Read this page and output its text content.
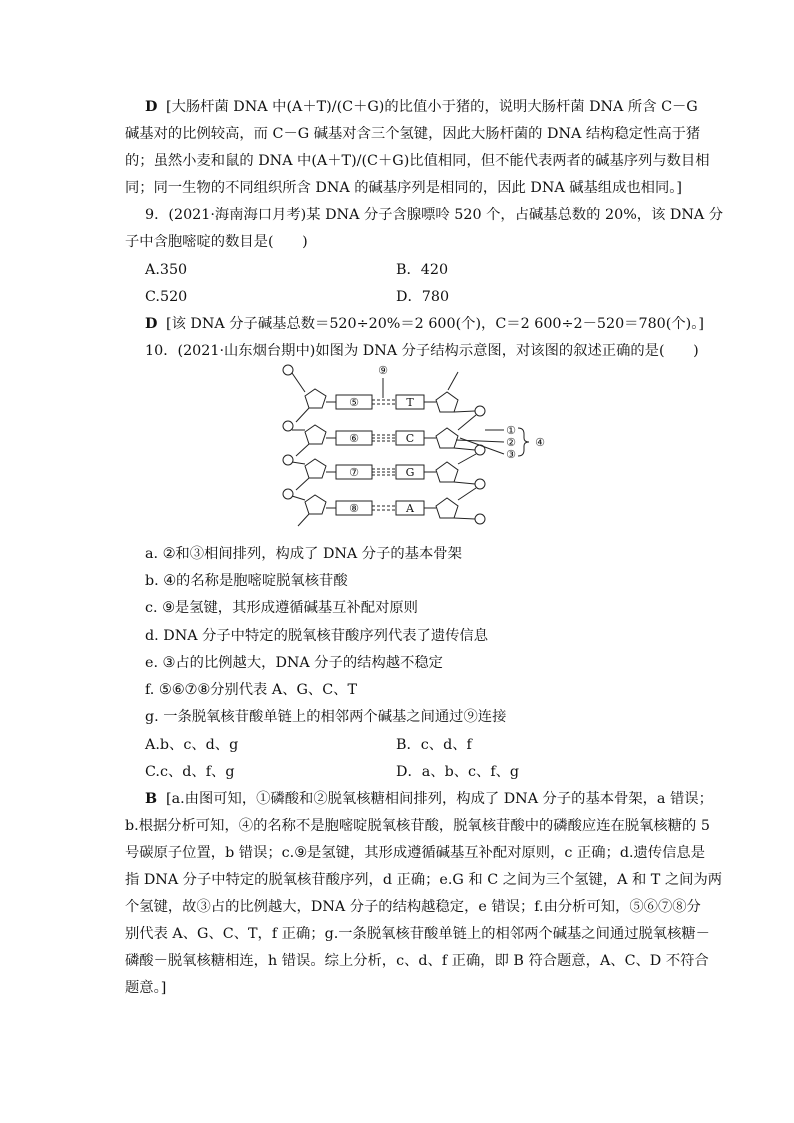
D [大肠杆菌 DNA 中(A＋T)/(C＋G)的比值小于猪的，说明大肠杆菌 DNA 所含 C－G
碱基对的比例较高，而 C－G 碱基对含三个氢键，因此大肠杆菌的 DNA 结构稳定性高于猪
的；虽然小麦和鼠的 DNA 中(A＋T)/(C＋G)比值相同，但不能代表两者的碱基序列与数目相
同；同一生物的不同组织所含 DNA 的碱基序列是相同的，因此 DNA 碱基组成也相同。]
9．(2021·海南海口月考)某 DNA 分子含腺嘌呤 520 个，占碱基总数的 20%，该 DNA 分
子中含胞嘧啶的数目是(　　)
A.350	B．420
C.520	D．780
D [该 DNA 分子碱基总数＝520÷20%＝2 600(个)，C＝2 600÷2－520＝780(个)。]
10．(2021·山东烟台期中)如图为 DNA 分子结构示意图，对该图的叙述正确的是(　　)
⑤
⑥
⑦
⑧
T
C
G
A
⑨
①
②
③
④
a. ②和③相间排列，构成了 DNA 分子的基本骨架
b. ④的名称是胞嘧啶脱氧核苷酸
c. ⑨是氢键，其形成遵循碱基互补配对原则
d. DNA 分子中特定的脱氧核苷酸序列代表了遗传信息
e. ③占的比例越大，DNA 分子的结构越不稳定
f. ⑤⑥⑦⑧分别代表 A、G、C、T
g. 一条脱氧核苷酸单链上的相邻两个碱基之间通过⑨连接
A.b、c、d、g	B．c、d、f
C.c、d、f、g	D．a、b、c、f、g
B [a.由图可知，①磷酸和②脱氧核糖相间排列，构成了 DNA 分子的基本骨架，a 错误；
b.根据分析可知，④的名称不是胞嘧啶脱氧核苷酸，脱氧核苷酸中的磷酸应连在脱氧核糖的 5
号碳原子位置，b 错误；c.⑨是氢键，其形成遵循碱基互补配对原则，c 正确；d.遗传信息是
指 DNA 分子中特定的脱氧核苷酸序列，d 正确；e.G 和 C 之间为三个氢键，A 和 T 之间为两
个氢键，故③占的比例越大，DNA 分子的结构越稳定，e 错误；f.由分析可知，⑤⑥⑦⑧分
别代表 A、G、C、T，f 正确；g.一条脱氧核苷酸单链上的相邻两个碱基之间通过脱氧核糖－
磷酸－脱氧核糖相连，h 错误。综上分析，c、d、f 正确，即 B 符合题意，A、C、D 不符合
题意。]
